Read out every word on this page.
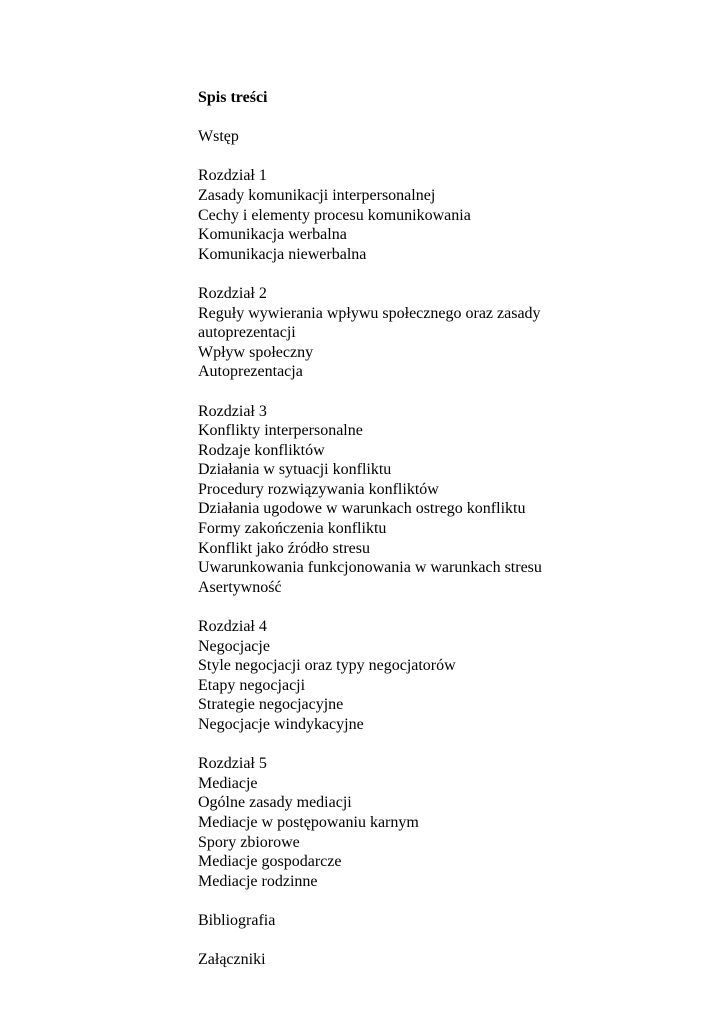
Spis treści

Wstęp

Rozdział 1

Zasady komunikacji interpersonalnej

Cechy i elementy procesu komunikowania

Komunikacja werbalna

Komunikacja niewerbalna

Rozdział 2

Reguły wywierania wpływu społecznego oraz zasady autoprezentacji

Wpływ społeczny

Autoprezentacja

Rozdział 3

Konflikty interpersonalne

Rodzaje konfliktów

Działania w sytuacji konfliktu

Procedury rozwiązywania konfliktów

Działania ugodowe w warunkach ostrego konfliktu

Formy zakończenia konfliktu

Konflikt jako źródło stresu

Uwarunkowania funkcjonowania w warunkach stresu

Asertywność

Rozdział 4

Negocjacje

Style negocjacji oraz typy negocjatorów

Etapy negocjacji

Strategie negocjacyjne

Negocjacje windykacyjne

Rozdział 5

Mediacje

Ogólne zasady mediacji

Mediacje w postępowaniu karnym

Spory zbiorowe

Mediacje gospodarcze

Mediacje rodzinne

Bibliografia

Załączniki
